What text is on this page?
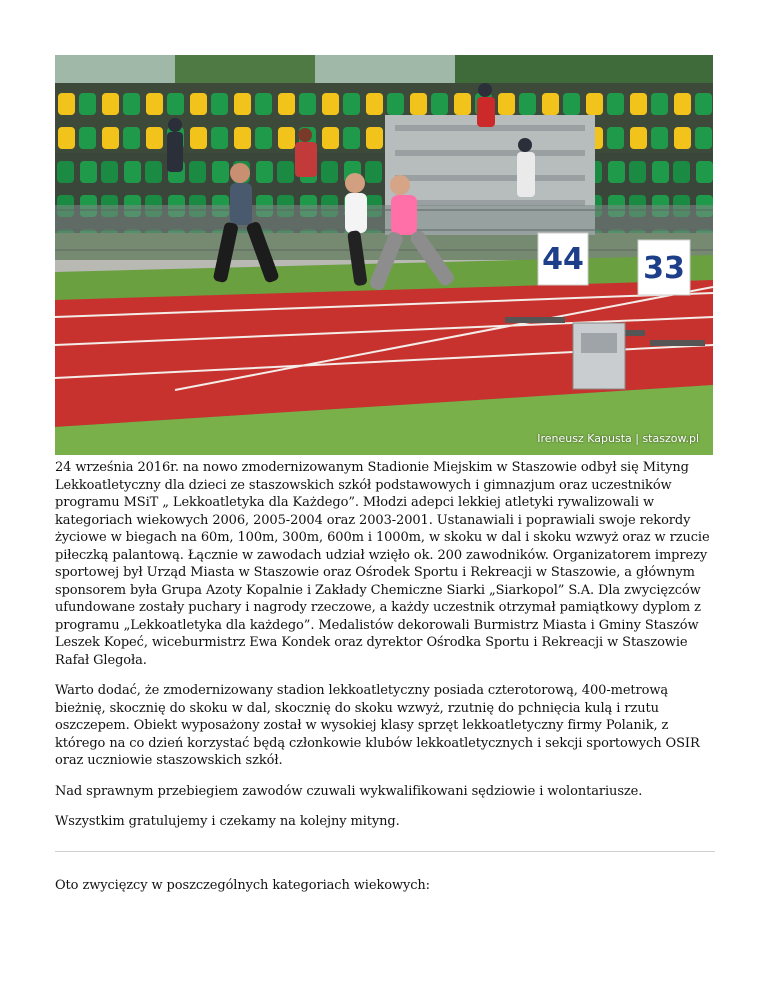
44 33
Ireneusz Kapusta | staszow.pl

24 września 2016r. na nowo zmodernizowanym Stadionie Miejskim w Staszowie odbył się Mityng Lekkoatletyczny dla dzieci ze staszowskich szkół podstawowych i gimnazjum oraz uczestników programu MSiT „ Lekkoatletyka dla Każdego”. Młodzi adepci lekkiej atletyki rywalizowali w kategoriach wiekowych 2006, 2005-2004 oraz 2003-2001. Ustanawiali i poprawiali swoje rekordy życiowe w biegach na 60m, 100m, 300m, 600m i 1000m, w skoku w dal i skoku wzwyż oraz w rzucie piłeczką palantową. Łącznie w zawodach udział wzięło ok. 200 zawodników. Organizatorem imprezy sportowej był Urząd Miasta w Staszowie oraz Ośrodek Sportu i Rekreacji w Staszowie, a głównym sponsorem była Grupa Azoty Kopalnie i Zakłady Chemiczne Siarki „Siarkopol” S.A. Dla zwycięzców ufundowane zostały puchary i nagrody rzeczowe, a każdy uczestnik otrzymał pamiątkowy dyplom z programu „Lekkoatletyka dla każdego”. Medalistów dekorowali Burmistrz Miasta i Gminy Staszów Leszek Kopeć, wiceburmistrz Ewa Kondek oraz dyrektor Ośrodka Sportu i Rekreacji w Staszowie Rafał Glegoła.

Warto dodać, że zmodernizowany stadion lekkoatletyczny posiada czterotorową, 400-metrową bieżnię, skocznię do skoku w dal, skocznię do skoku wzwyż, rzutnię do pchnięcia kulą i rzutu oszczepem. Obiekt wyposażony został w wysokiej klasy sprzęt lekkoatletyczny firmy Polanik, z którego na co dzień korzystać będą członkowie klubów lekkoatletycznych i sekcji sportowych OSIR oraz uczniowie staszowskich szkół.

Nad sprawnym przebiegiem zawodów czuwali wykwalifikowani sędziowie i wolontariusze.

Wszystkim gratulujemy i czekamy na kolejny mityng.

Oto zwycięzcy w poszczególnych kategoriach wiekowych:
